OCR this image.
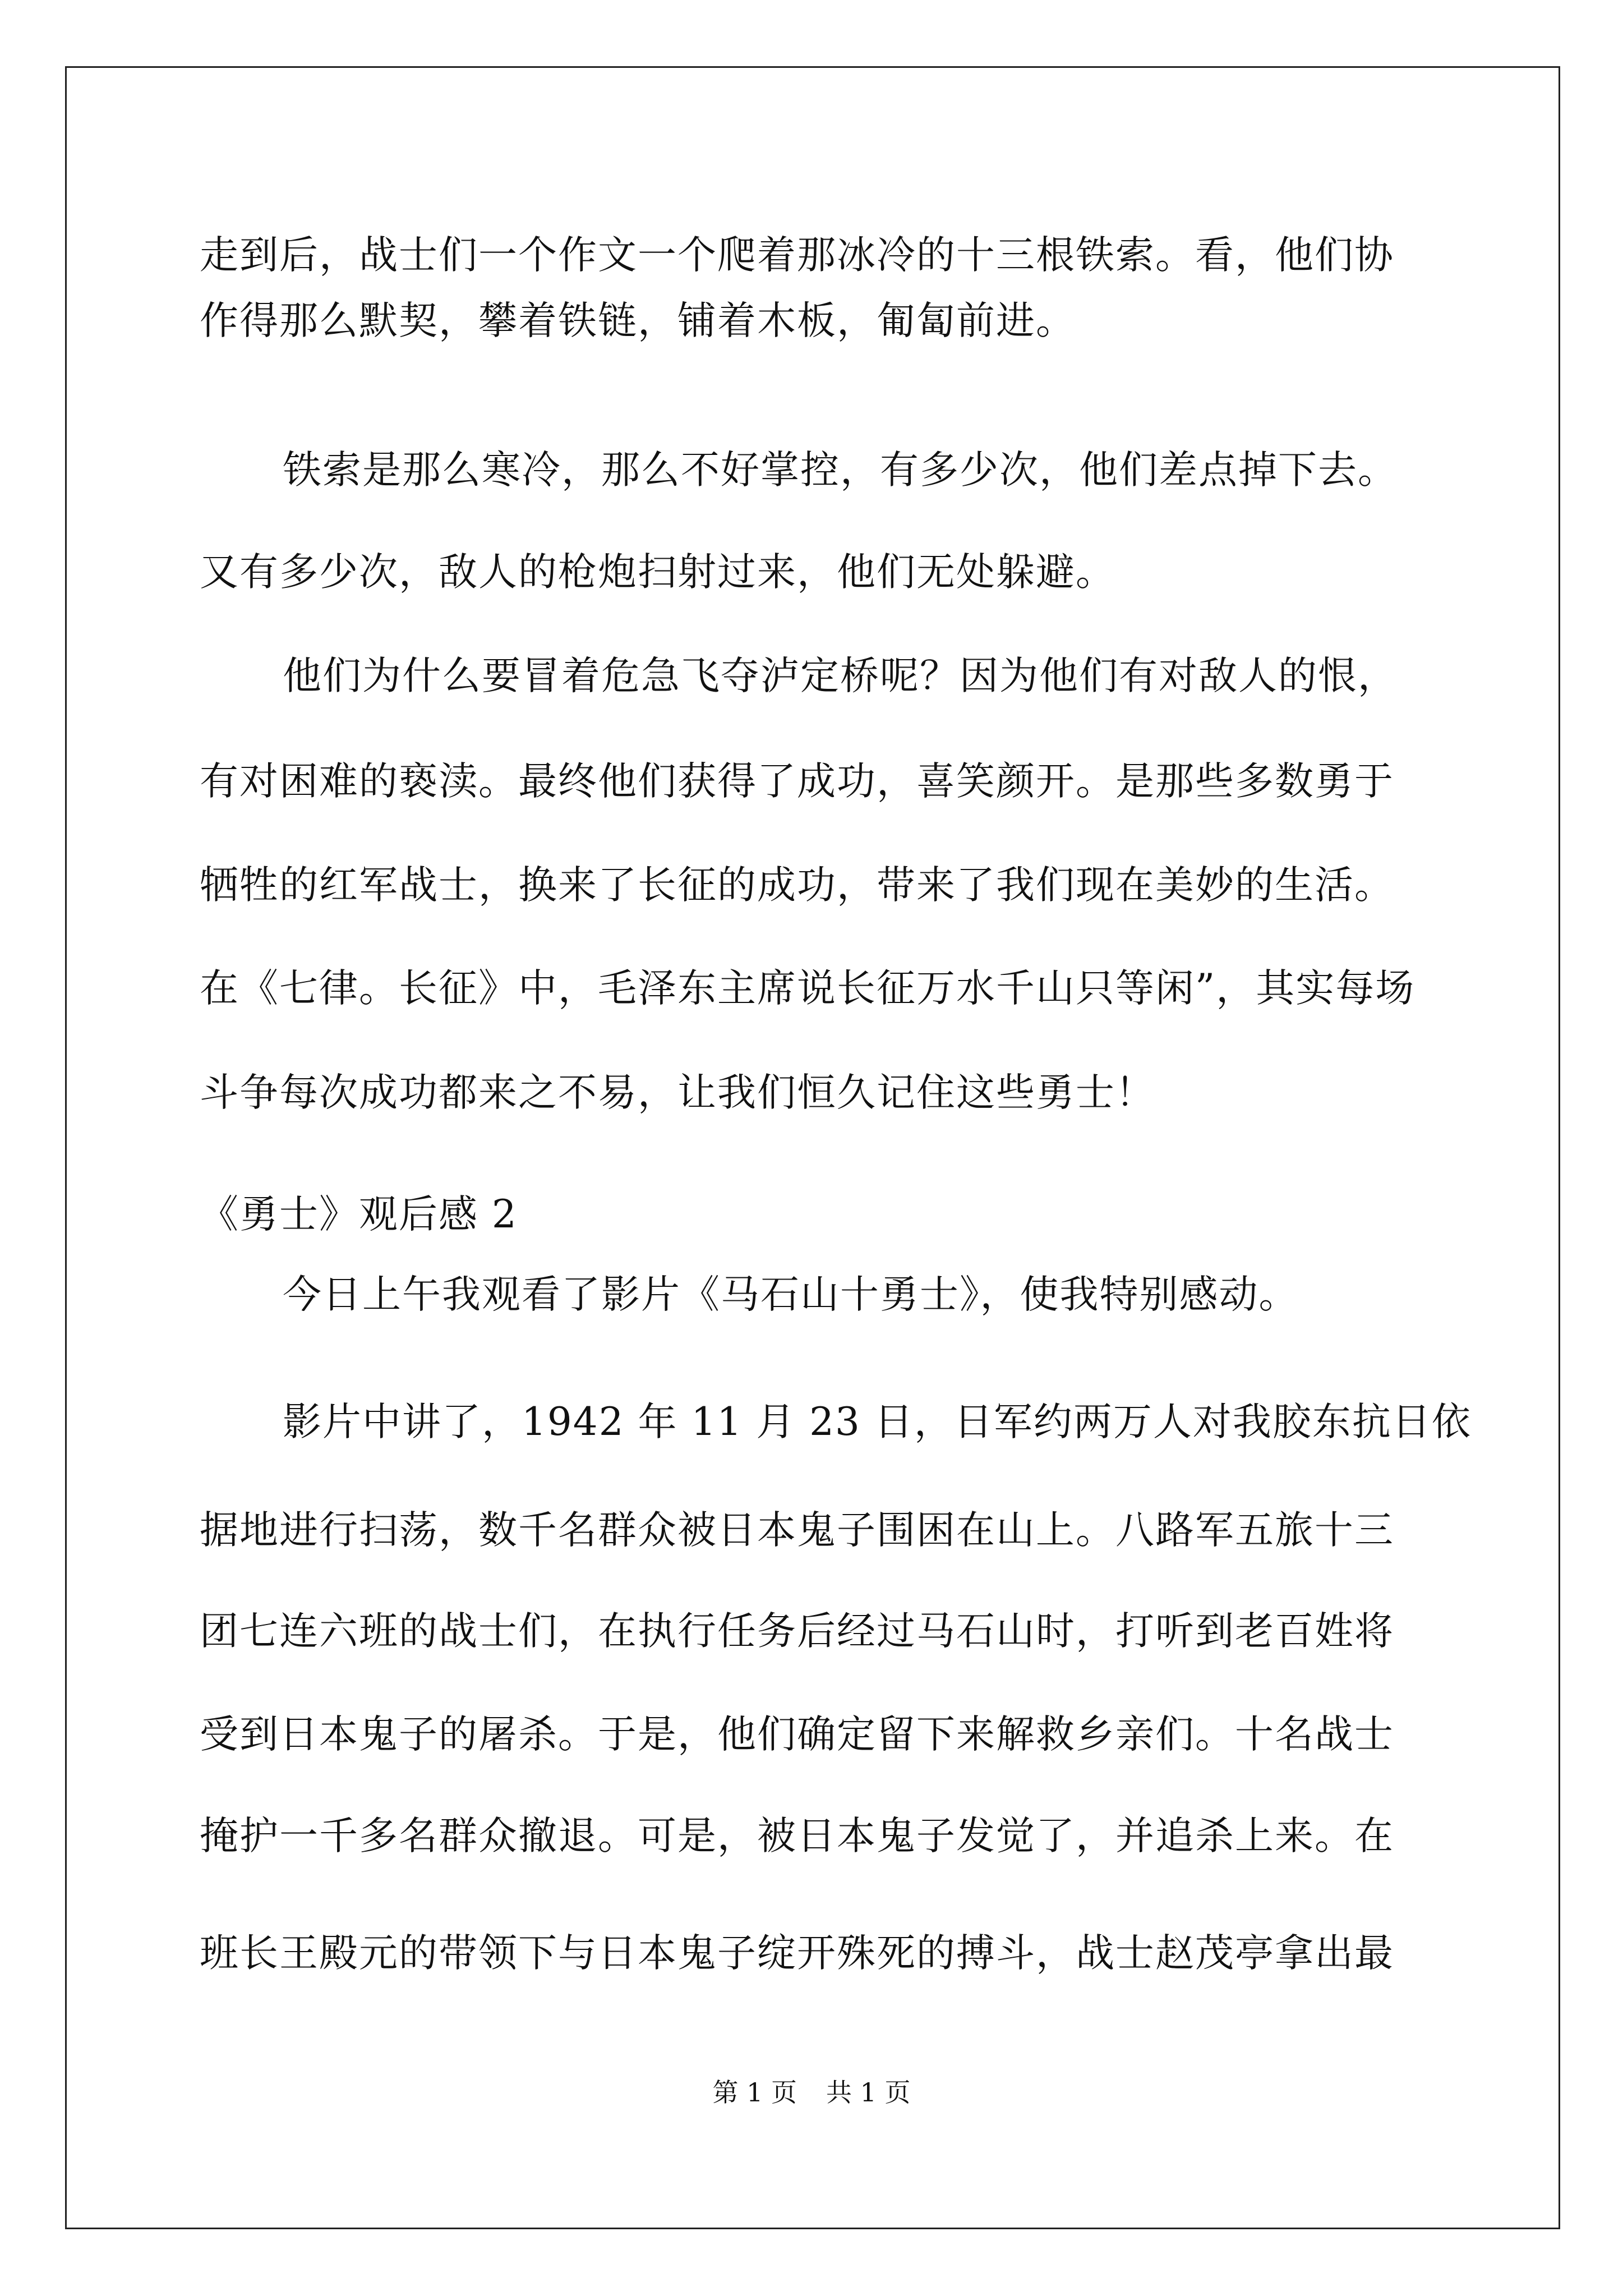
走到后，战士们一个作文一个爬着那冰冷的十三根铁索。看，他们协

作得那么默契，攀着铁链，铺着木板，匍匐前进。

铁索是那么寒冷，那么不好掌控，有多少次，他们差点掉下去。

又有多少次，敌人的枪炮扫射过来，他们无处躲避。

他们为什么要冒着危急飞夺泸定桥呢？因为他们有对敌人的恨，

有对困难的亵渎。最终他们获得了成功，喜笑颜开。是那些多数勇于

牺牲的红军战士，换来了长征的成功，带来了我们现在美妙的生活。

在《七律。长征》中，毛泽东主席说长征万水千山只等闲”，其实每场

斗争每次成功都来之不易，让我们恒久记住这些勇士！

《勇士》观后感 2

今日上午我观看了影片《马石山十勇士》，使我特别感动。

影片中讲了，1942 年 11 月 23 日，日军约两万人对我胶东抗日依

据地进行扫荡，数千名群众被日本鬼子围困在山上。八路军五旅十三

团七连六班的战士们，在执行任务后经过马石山时，打听到老百姓将

受到日本鬼子的屠杀。于是，他们确定留下来解救乡亲们。十名战士

掩护一千多名群众撤退。可是，被日本鬼子发觉了，并追杀上来。在

班长王殿元的带领下与日本鬼子绽开殊死的搏斗，战士赵茂亭拿出最

第 1 页 共 1 页
